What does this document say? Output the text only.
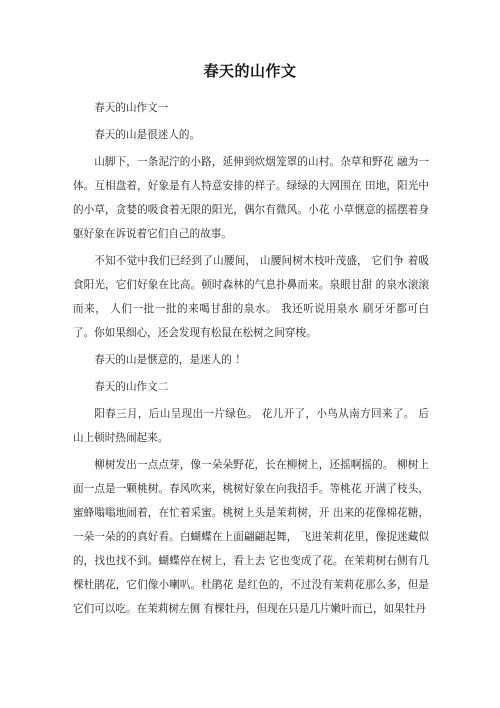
春天的山作文

春天的山作文一

春天的山是很迷人的。

山脚下，一条泥泞的小路，延伸到炊烟笼罩的山村。杂草和野花 融为一体。互相盘着，好象是有人特意安排的样子。绿绿的大网围在 田地，阳光中的小草，贪婪的吸食着无限的阳光，偶尔有微风。小花 小草惬意的摇摆着身躯好象在诉说着它们自己的故事。

不知不觉中我们已经到了山腰间， 山腰间树木枝叶茂盛， 它们争 着吸食阳光，它们好象在比高。顿时森林的气息扑鼻而来。泉眼甘甜 的泉水滚滚而来， 人们一批一批的来喝甘甜的泉水。 我还听说用泉水 刷牙牙都可白了。你如果细心，还会发现有松鼠在松树之间穿梭。

春天的山是惬意的，是迷人的 ！

春天的山作文二

阳春三月，后山呈现出一片绿色。 花儿开了，小鸟从南方回来了。 后山上顿时热闹起来。

柳树发出一点点芽，像一朵朵野花，长在柳树上，还摇啊摇的。 柳树上面一点是一颗桃树。春风吹来，桃树好象在向我招手。等桃花 开满了枝头，蜜蜂嗡嗡地闹着，在忙着采蜜。桃树上头是茉莉树，开 出来的花像棉花糖，一朵一朵的的真好看。白蝴蝶在上面翩翩起舞， 飞进茉莉花里，像捉迷藏似的，找也找不到。蝴蝶停在树上，看上去 它也变成了花。在茉莉树右侧有几棵杜鹃花，它们像小喇叭。杜鹃花 是红色的，不过没有茉莉花那么多，但是它们可以吃。在茉莉树左侧 有棵牡丹，但现在只是几片嫩叶而已，如果牡丹
